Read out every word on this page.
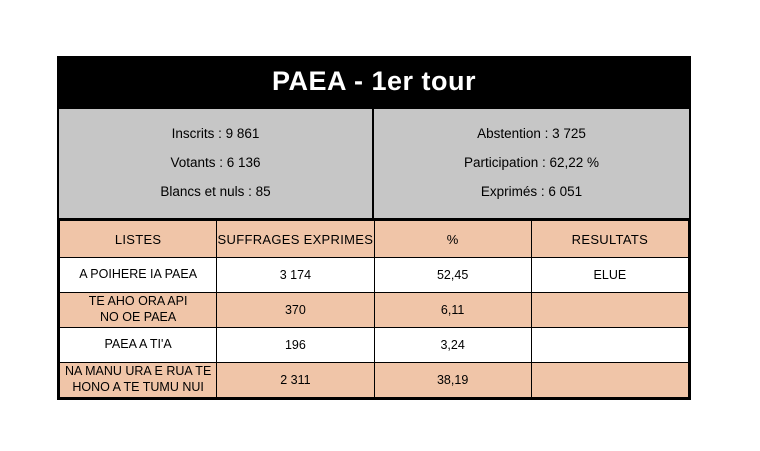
PAEA - 1er tour
Inscrits : 9 861
Votants : 6 136
Blancs et nuls : 85
Abstention : 3 725
Participation : 62,22 %
Exprimés : 6 051
LISTES	SUFFRAGES EXPRIMES	%	RESULTATS

A POIHERE IA PAEA	3 174	52,45	ELUE

TE AHO ORA API
NO OE PAEA	370	6,11	

PAEA A TI'A	196	3,24	

NA MANU URA E RUA TE
HONO A TE TUMU NUI	2 311	38,19	
